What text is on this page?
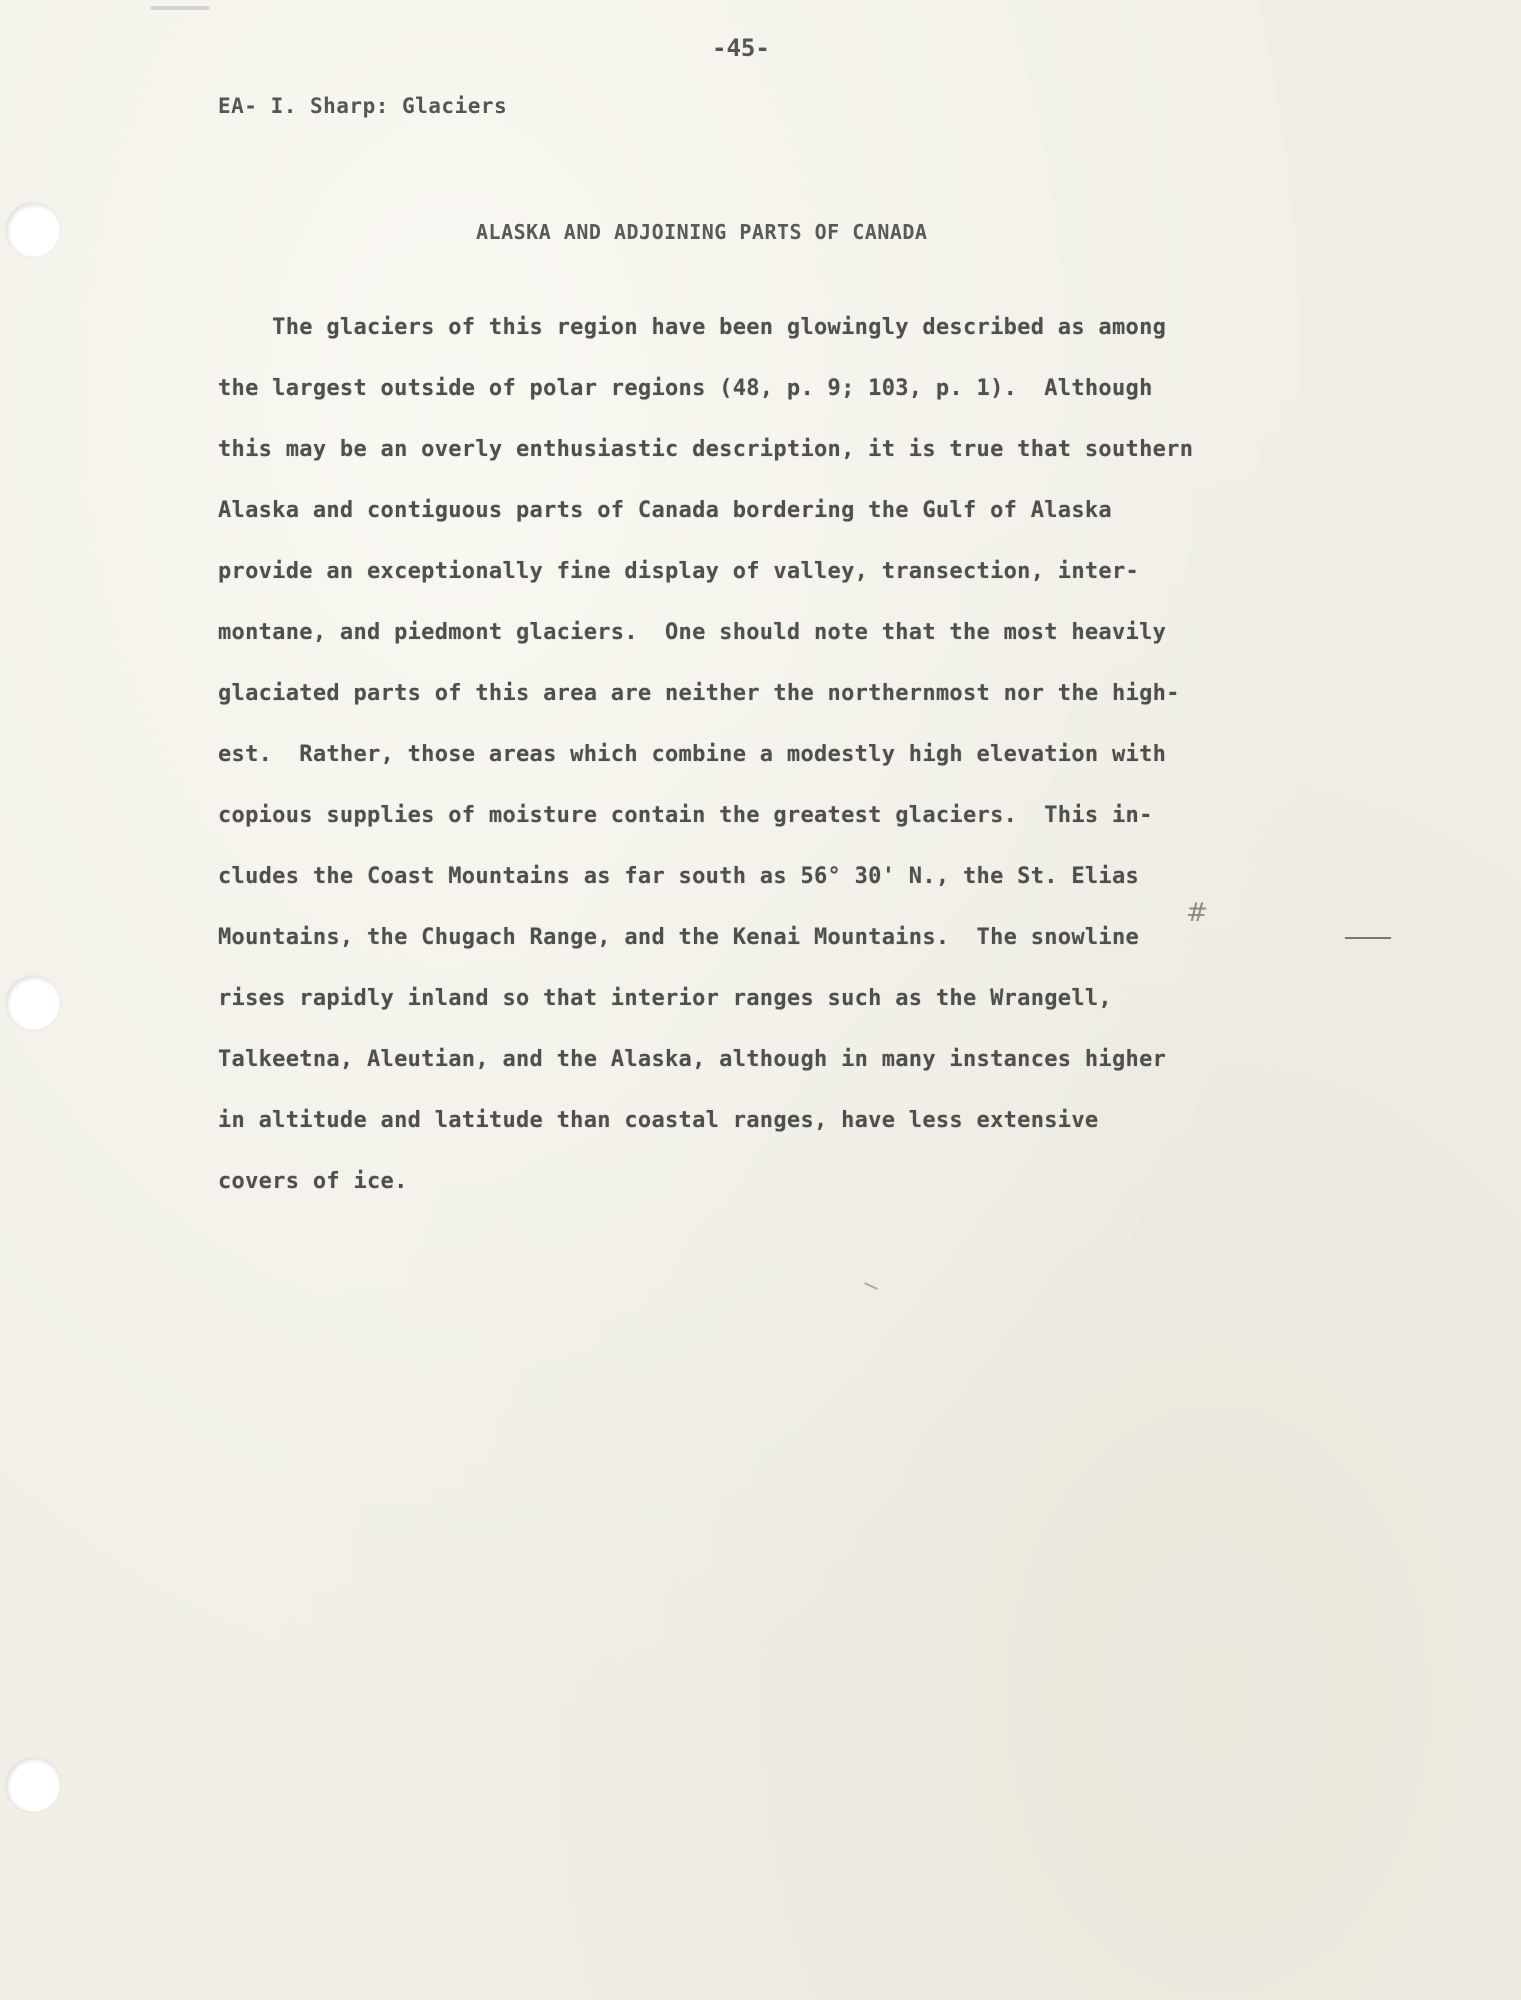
-45-
EA- I. Sharp: Glaciers
ALASKA AND ADJOINING PARTS OF CANADA
The glaciers of this region have been glowingly described as among
the largest outside of polar regions (48, p. 9; 103, p. 1).  Although
this may be an overly enthusiastic description, it is true that southern
Alaska and contiguous parts of Canada bordering the Gulf of Alaska
provide an exceptionally fine display of valley, transection, inter-
montane, and piedmont glaciers.  One should note that the most heavily
glaciated parts of this area are neither the northernmost nor the high-
est.  Rather, those areas which combine a modestly high elevation with
copious supplies of moisture contain the greatest glaciers.  This in-
cludes the Coast Mountains as far south as 56° 30' N., the St. Elias
Mountains, the Chugach Range, and the Kenai Mountains.  The snowline
rises rapidly inland so that interior ranges such as the Wrangell,
Talkeetna, Aleutian, and the Alaska, although in many instances higher
in altitude and latitude than coastal ranges, have less extensive
covers of ice.
#
